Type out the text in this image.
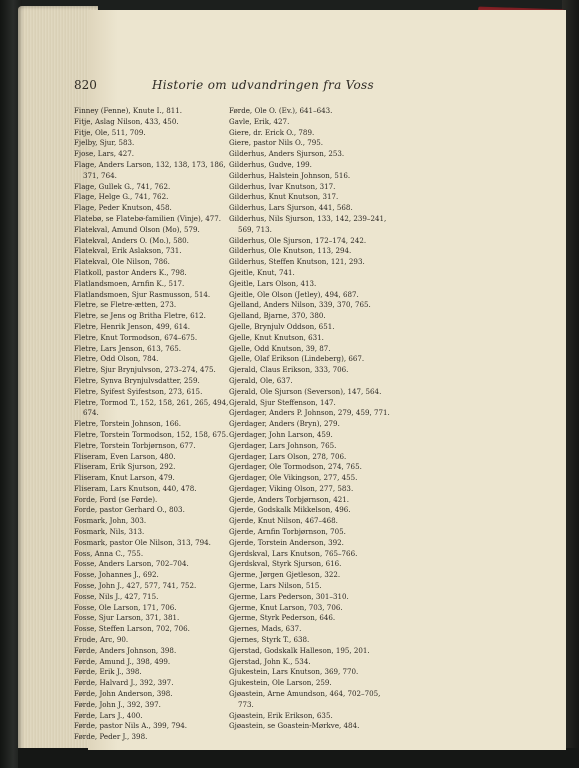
820	Historie om udvandringen fra Voss
Finney (Fenne), Knute I., 811.
Fitje, Aslag Nilson, 433, 450.
Fitje, Ole, 511, 709.
Fjelby, Sjur, 583.
Fjose, Lars, 427.
Flage, Anders Larson, 132, 138, 173, 186, 371, 764.
Flage, Gullek G., 741, 762.
Flage, Helge G., 741, 762.
Flage, Peder Knutson, 458.
Flatebø, se Flatebø-familien (Vinje), 477.
Flatekval, Amund Olson (Mo), 579.
Flatekval, Anders O. (Mo.), 580.
Flatekval, Erik Aslakson, 731.
Flatekval, Ole Nilson, 786.
Flatkoll, pastor Anders K., 798.
Flatlandsmoen, Arnfin K., 517.
Flatlandsmoen, Sjur Rasmusson, 514.
Fletre, se Fletre-ætten, 273.
Fletre, se Jens og Britha Fletre, 612.
Fletre, Henrik Jenson, 499, 614.
Fletre, Knut Tormodson, 674–675.
Fletre, Lars Jenson, 613, 765.
Fletre, Odd Olson, 784.
Fletre, Sjur Brynjulvson, 273–274, 475.
Fletre, Synva Brynjulvsdatter, 259.
Fletre, Syifest Syifestson, 273, 615.
Fletre, Tormod T., 152, 158, 261, 265, 494, 674.
Fletre, Torstein Johnson, 166.
Fletre, Torstein Tormodson, 152, 158, 675.
Fletre, Torstein Torbjørnson, 677.
Fliseram, Even Larson, 480.
Fliseram, Erik Sjurson, 292.
Fliseram, Knut Larson, 479.
Fliseram, Lars Knutson, 440, 478.
Forde, Ford (se Førde).
Forde, pastor Gerhard O., 803.
Fosmark, John, 303.
Fosmark, Nils, 313.
Fosmark, pastor Ole Nilson, 313, 794.
Foss, Anna C., 755.
Fosse, Anders Larson, 702–704.
Fosse, Johannes J., 692.
Fosse, John J., 427, 577, 741, 752.
Fosse, Nils J., 427, 715.
Fosse, Ole Larson, 171, 706.
Fosse, Sjur Larson, 371, 381.
Fosse, Steffen Larson, 702, 706.
Frode, Arc, 90.
Førde, Anders Johnson, 398.
Førde, Amund J., 398, 499.
Førde, Erik J., 398.
Førde, Halvard J., 392, 397.
Førde, John Anderson, 398.
Førde, John J., 392, 397.
Førde, Lars J., 400.
Førde, pastor Nils A., 399, 794.
Førde, Peder J., 398.
Førde, Ole O. (Ev.), 641–643.
Gavle, Erik, 427.
Giere, dr. Erick O., 789.
Giere, pastor Nils O., 795.
Gilderhus, Anders Sjurson, 253.
Gilderhus, Gudve, 199.
Gilderhus, Halstein Johnson, 516.
Gilderhus, Ivar Knutson, 317.
Gilderhus, Knut Knutson, 317.
Gilderhus, Lars Sjurson, 441, 568.
Gilderhus, Nils Sjurson, 133, 142, 239–241, 569, 713.
Gilderhus, Ole Sjurson, 172–174, 242.
Gilderhus, Ole Knutson, 113, 294.
Gilderhus, Steffen Knutson, 121, 293.
Gjeitle, Knut, 741.
Gjeitle, Lars Olson, 413.
Gjeitle, Ole Olson (Jetley), 494, 687.
Gjelland, Anders Nilson, 339, 370, 765.
Gjelland, Bjarne, 370, 380.
Gjelle, Brynjulv Oddson, 651.
Gjelle, Knut Knutson, 631.
Gjelle, Odd Knutson, 39, 87.
Gjelle, Olaf Erikson (Lindeberg), 667.
Gjerald, Claus Erikson, 333, 706.
Gjerald, Ole, 637.
Gjerald, Ole Sjurson (Severson), 147, 564.
Gjerald, Sjur Steffenson, 147.
Gjerdager, Anders P. Johnson, 279, 459, 771.
Gjerdager, Anders (Bryn), 279.
Gjerdager, John Larson, 459.
Gjerdager, Lars Johnson, 765.
Gjerdager, Lars Olson, 278, 706.
Gjerdager, Ole Tormodson, 274, 765.
Gjerdager, Ole Vikingson, 277, 455.
Gjerdager, Viking Olson, 277, 583.
Gjerde, Anders Torbjørnson, 421.
Gjerde, Godskalk Mikkelson, 496.
Gjerde, Knut Nilson, 467–468.
Gjerde, Arnfin Torbjørnson, 705.
Gjerde, Torstein Anderson, 392.
Gjerdskval, Lars Knutson, 765–766.
Gjerdskval, Styrk Sjurson, 616.
Gjerme, Jørgen Gjetleson, 322.
Gjerme, Lars Nilson, 515.
Gjerme, Lars Pederson, 301–310.
Gjerme, Knut Larson, 703, 706.
Gjerme, Styrk Pederson, 646.
Gjernes, Mads, 637.
Gjernes, Styrk T., 638.
Gjerstad, Godskalk Halleson, 195, 201.
Gjerstad, John K., 534.
Gjukestein, Lars Knutson, 369, 770.
Gjukestein, Ole Larson, 259.
Gjøastein, Arne Amundson, 464, 702–705, 773.
Gjøastein, Erik Erikson, 635.
Gjøastein, se Goastein-Mørkve, 484.
